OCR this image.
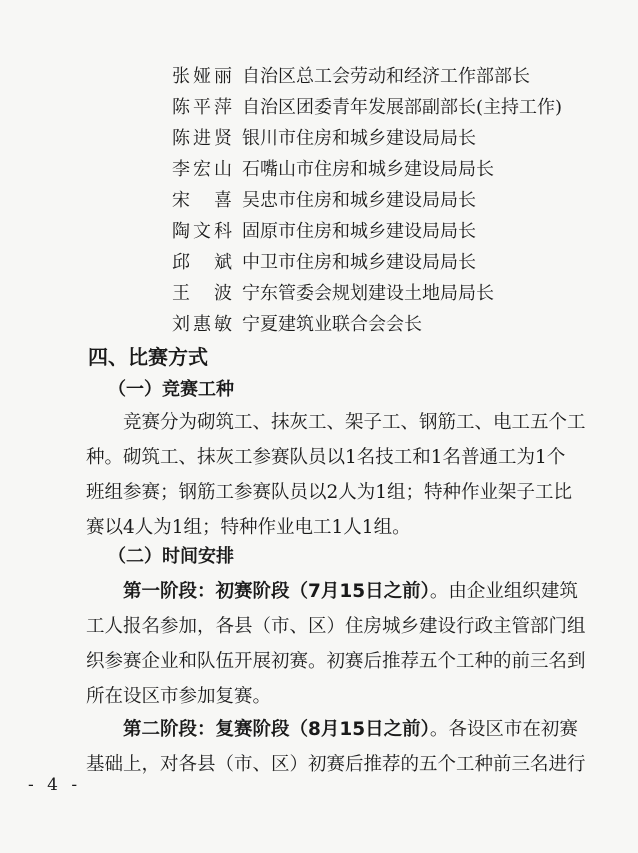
张娅丽 自治区总工会劳动和经济工作部部长
陈平萍 自治区团委青年发展部副部长(主持工作)
陈进贤 银川市住房和城乡建设局局长
李宏山 石嘴山市住房和城乡建设局局长
宋喜 吴忠市住房和城乡建设局局长
陶文科 固原市住房和城乡建设局局长
邱斌 中卫市住房和城乡建设局局长
王波 宁东管委会规划建设土地局局长
刘惠敏 宁夏建筑业联合会会长
四、比赛方式
（一）竞赛工种
竞赛分为砌筑工、抹灰工、架子工、钢筋工、电工五个工
种。砌筑工、抹灰工参赛队员以1名技工和1名普通工为1个
班组参赛；钢筋工参赛队员以2人为1组；特种作业架子工比
赛以4人为1组；特种作业电工1人1组。
（二）时间安排
第一阶段：初赛阶段（7月15日之前）。由企业组织建筑
工人报名参加，各县（市、区）住房城乡建设行政主管部门组
织参赛企业和队伍开展初赛。初赛后推荐五个工种的前三名到
所在设区市参加复赛。
第二阶段：复赛阶段（8月15日之前）。各设区市在初赛
基础上，对各县（市、区）初赛后推荐的五个工种前三名进行
- 4 -
